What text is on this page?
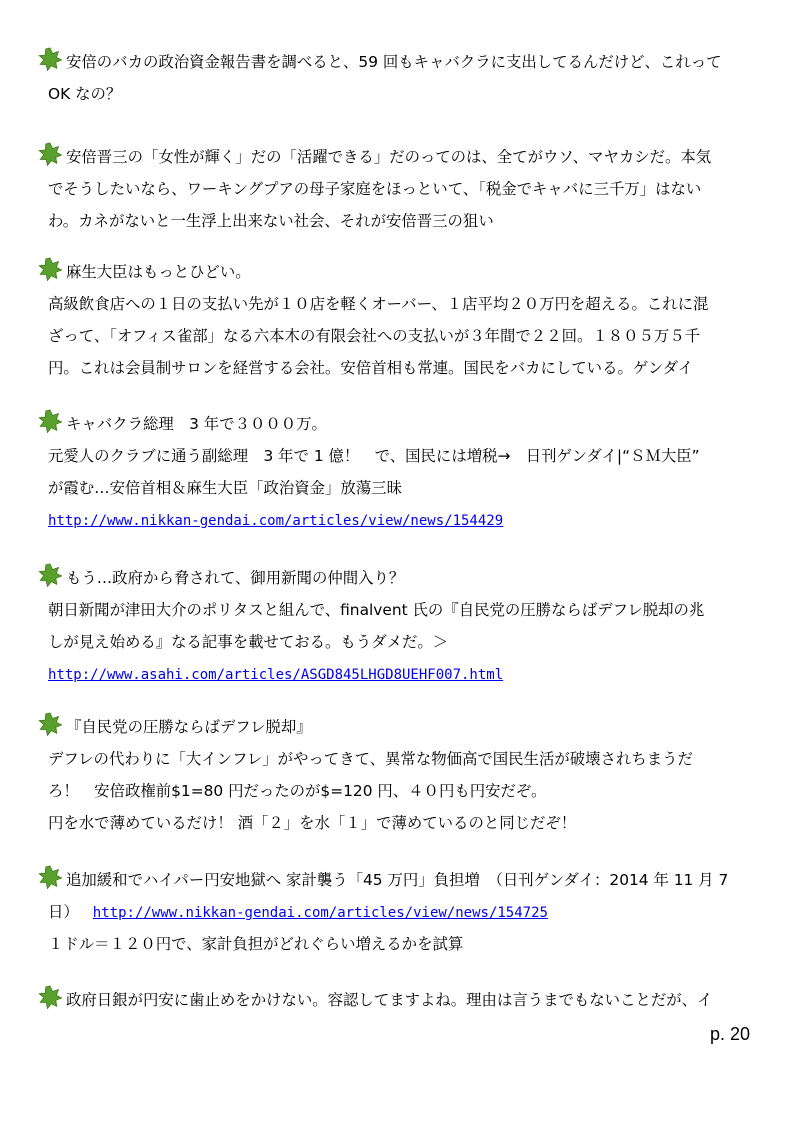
安倍のバカの政治資金報告書を調べると、59 回もキャバクラに支出してるんだけど、これって
OK なの？
安倍晋三の「女性が輝く」だの「活躍できる」だのってのは、全てがウソ、マヤカシだ。本気
でそうしたいなら、ワーキングプアの母子家庭をほっといて、「税金でキャバに三千万」はない
わ。カネがないと一生浮上出来ない社会、それが安倍晋三の狙い
麻生大臣はもっとひどい。
高級飲食店への１日の支払い先が１０店を軽くオーバー、１店平均２０万円を超える。これに混
ざって、「オフィス雀部」なる六本木の有限会社への支払いが３年間で２２回。１８０５万５千
円。これは会員制サロンを経営する会社。安倍首相も常連。国民をバカにしている。ゲンダイ
キャバクラ総理　3 年で３０００万。
元愛人のクラブに通う副総理　3 年で 1 億！　で、国民には増税→　日刊ゲンダイ|“ＳＭ大臣”
が霞む…安倍首相＆麻生大臣「政治資金」放蕩三昧
http://www.nikkan-gendai.com/articles/view/news/154429
もう…政府から脅されて、御用新聞の仲間入り？
朝日新聞が津田大介のポリタスと組んで、finalvent 氏の『自民党の圧勝ならばデフレ脱却の兆
しが見え始める』なる記事を載せておる。もうダメだ。＞
http://www.asahi.com/articles/ASGD845LHGD8UEHF007.html
『自民党の圧勝ならばデフレ脱却』
デフレの代わりに「大インフレ」がやってきて、異常な物価高で国民生活が破壊されちまうだ
ろ！　安倍政権前$1=80 円だったのが$=120 円、４０円も円安だぞ。
円を水で薄めているだけ！ 酒「２」を水「１」で薄めているのと同じだぞ！
追加緩和でハイパー円安地獄へ 家計襲う「45 万円」負担増　（日刊ゲンダイ：2014 年 11 月 7
日） http://www.nikkan-gendai.com/articles/view/news/154725
１ドル＝１２０円で、家計負担がどれぐらい増えるかを試算
政府日銀が円安に歯止めをかけない。容認してますよね。理由は言うまでもないことだが、イ
p. 20
